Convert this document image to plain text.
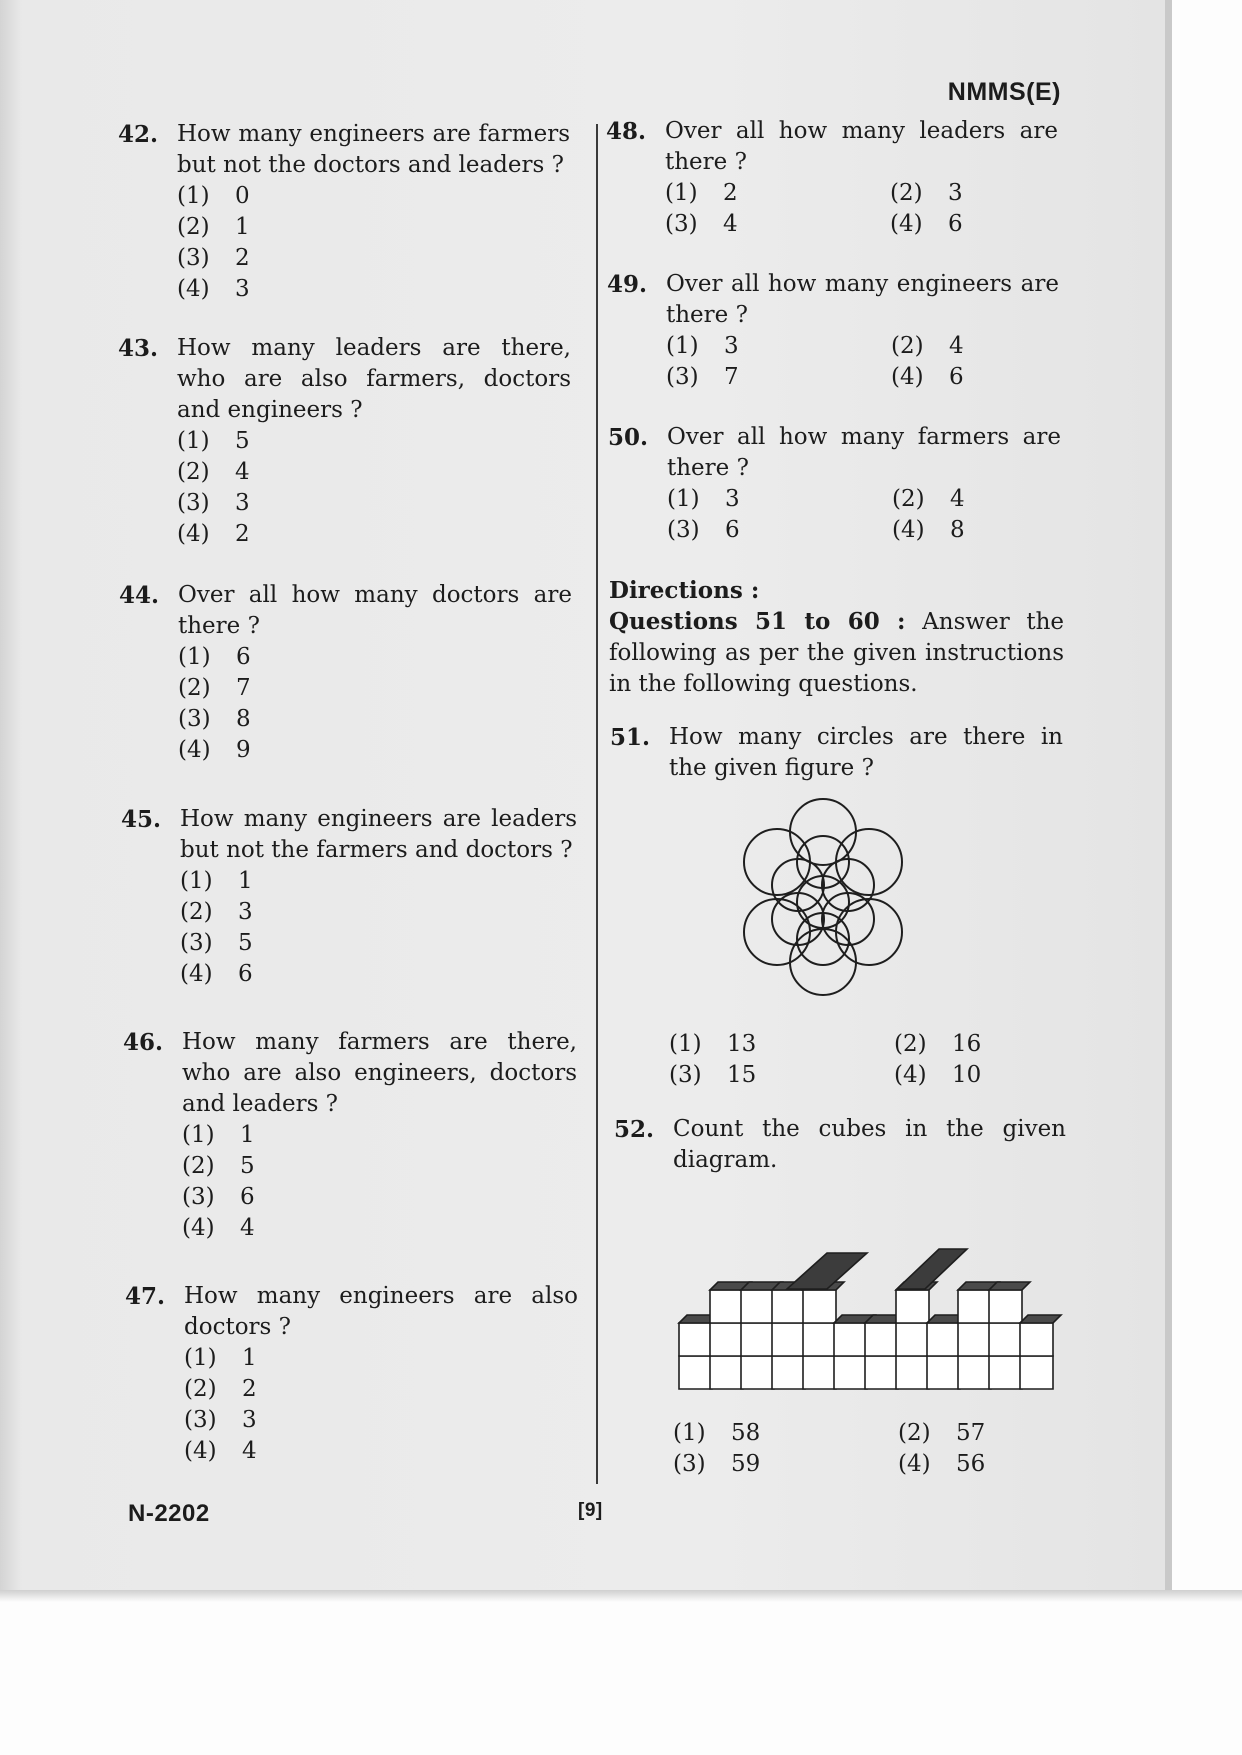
NMMS(E)
N-2202	[9]
42. How many engineers are farmers but not the doctors and leaders ?
(1)	0
(2)	1
(3)	2
(4)	3
43. How many leaders are there, who are also farmers, doctors and engineers ?
(1)	5
(2)	4
(3)	3
(4)	2
44. Over all how many doctors are there ?
(1)	6
(2)	7
(3)	8
(4)	9
45. How many engineers are leaders but not the farmers and doctors ?
(1)	1
(2)	3
(3)	5
(4)	6
46. How many farmers are there, who are also engineers, doctors and leaders ?
(1)	1
(2)	5
(3)	6
(4)	4
47. How many engineers are also doctors ?
(1)	1
(2)	2
(3)	3
(4)	4
48. Over all how many leaders are there ?
(1)	2	(2)	3
(3)	4	(4)	6
49. Over all how many engineers are there ?
(1)	3	(2)	4
(3)	7	(4)	6
50. Over all how many farmers are there ?
(1)	3	(2)	4
(3)	6	(4)	8
Directions :
Questions 51 to 60 : Answer the following as per the given instructions in the following questions.
51. How many circles are there in the given figure ?
(1)	13	(2)	16
(3)	15	(4)	10
52. Count the cubes in the given diagram.
(1)	58	(2)	57
(3)	59	(4)	56
